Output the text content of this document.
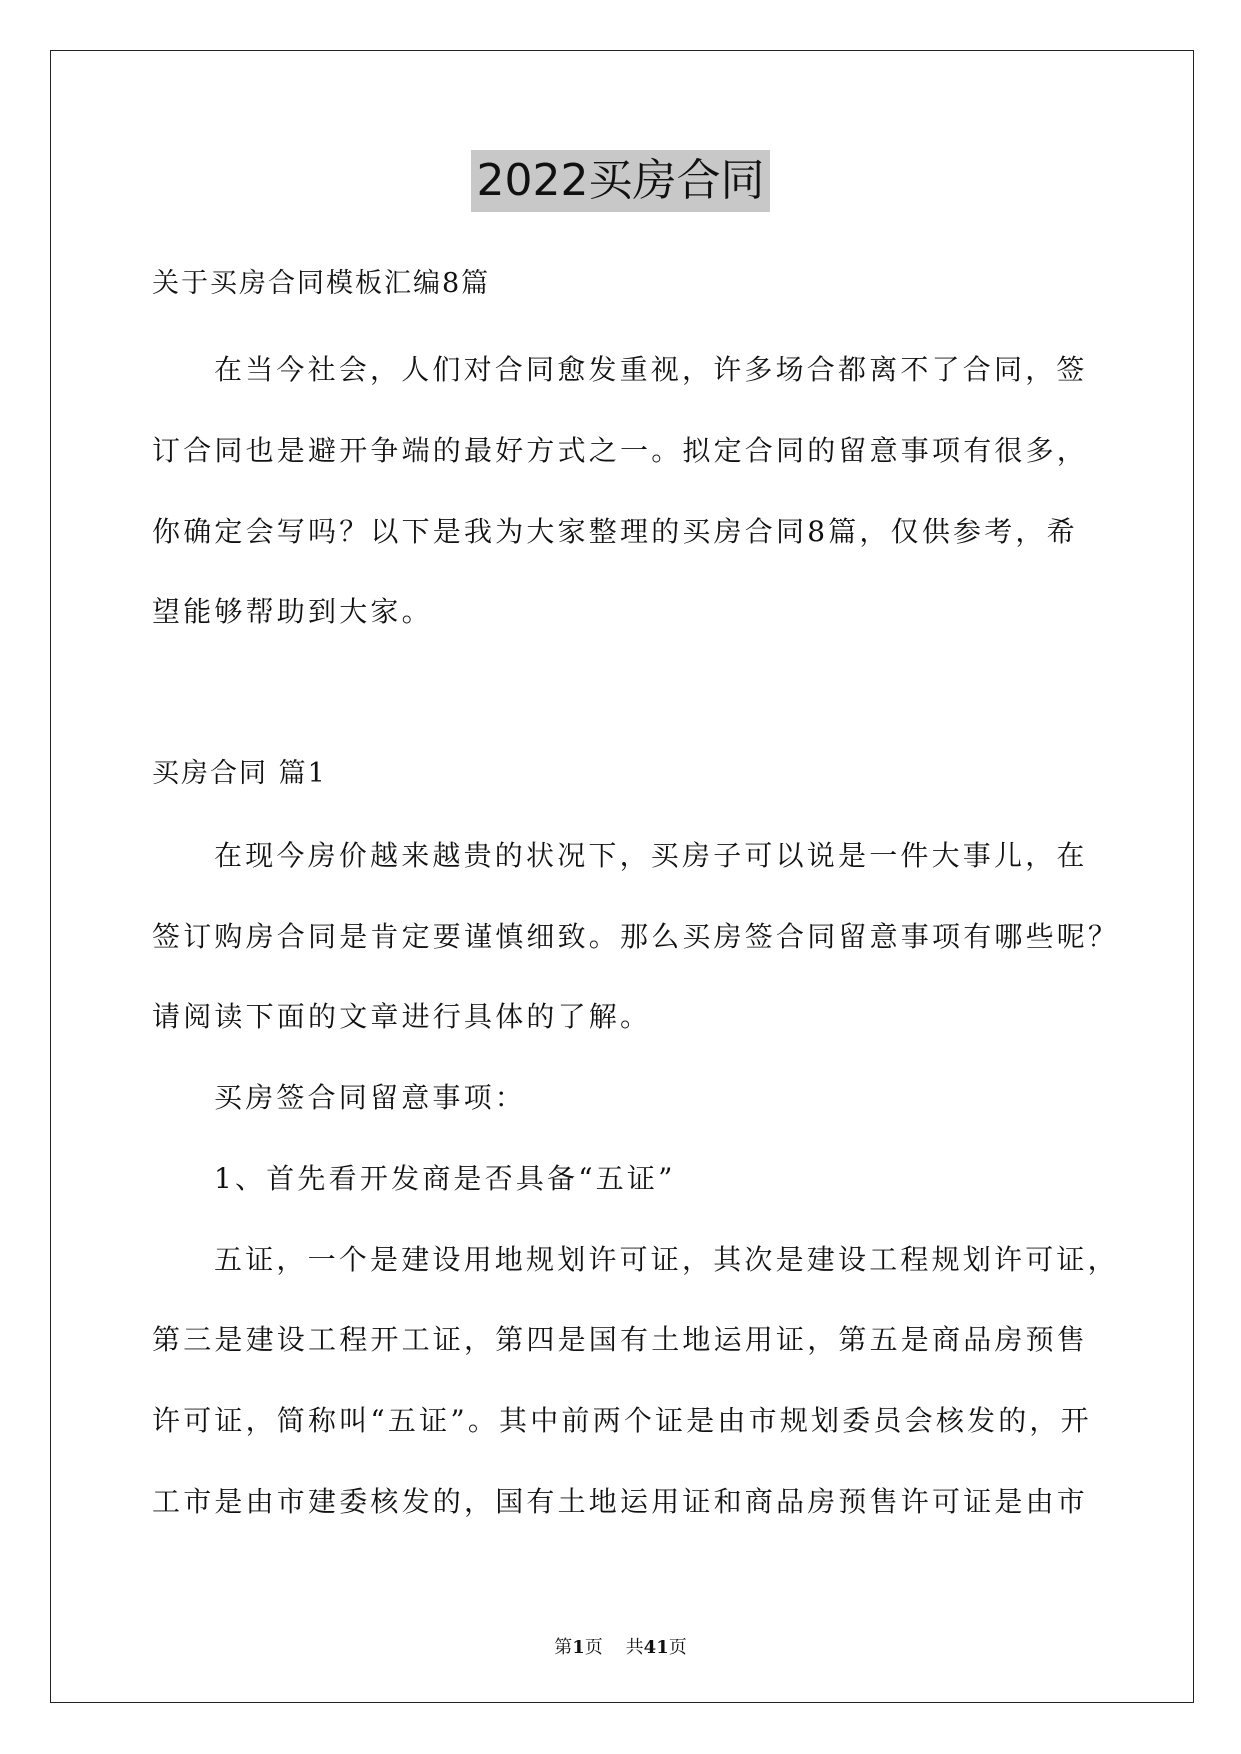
2022买房合同
关于买房合同模板汇编8篇
在当今社会，人们对合同愈发重视，许多场合都离不了合同，签
订合同也是避开争端的最好方式之一。拟定合同的留意事项有很多，
你确定会写吗？以下是我为大家整理的买房合同8篇，仅供参考，希
望能够帮助到大家。
买房合同 篇1
在现今房价越来越贵的状况下，买房子可以说是一件大事儿，在
签订购房合同是肯定要谨慎细致。那么买房签合同留意事项有哪些呢？
请阅读下面的文章进行具体的了解。
买房签合同留意事项：
1、首先看开发商是否具备“五证”
五证，一个是建设用地规划许可证，其次是建设工程规划许可证，
第三是建设工程开工证，第四是国有土地运用证，第五是商品房预售
许可证，简称叫“五证”。其中前两个证是由市规划委员会核发的，开
工市是由市建委核发的，国有土地运用证和商品房预售许可证是由市
第1页    共41页
